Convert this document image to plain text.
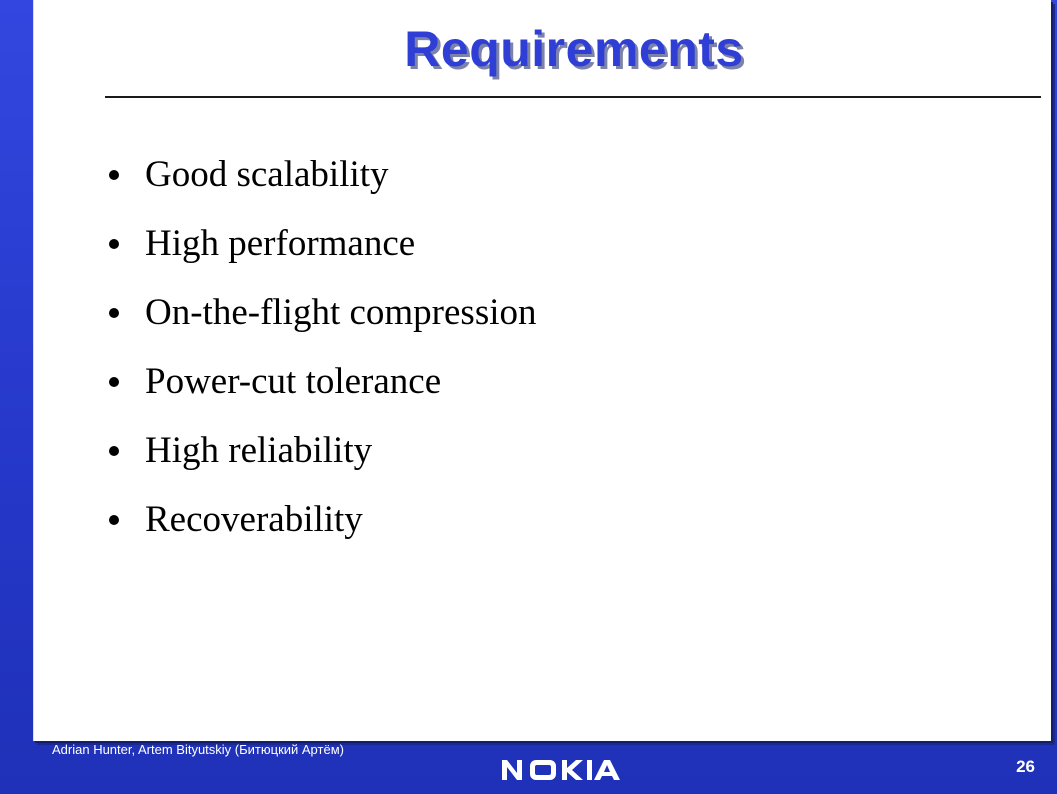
Requirements
Good scalability
High performance
On-the-flight compression
Power-cut tolerance
High reliability
Recoverability
Adrian Hunter, Artem Bityutskiy (Битюцкий Артём)
26
